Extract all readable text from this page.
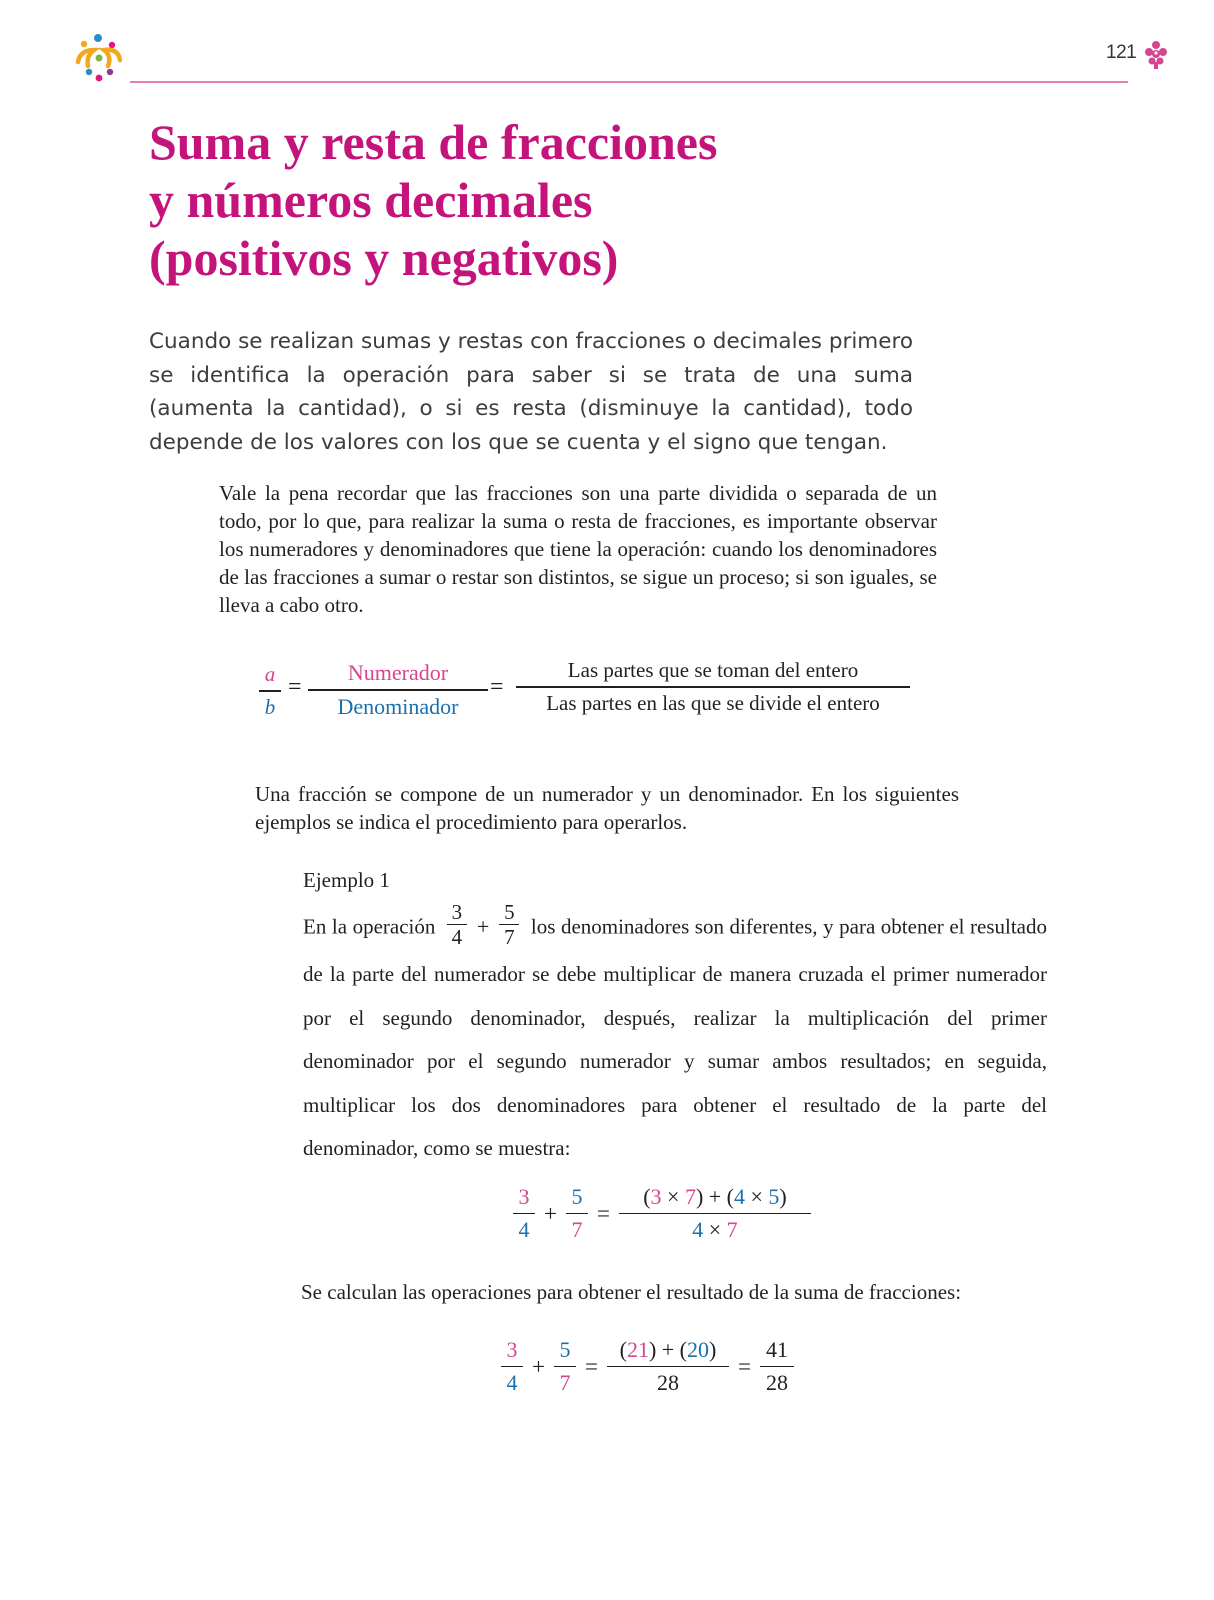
121
Suma y resta de fracciones
y números decimales
(positivos y negativos)
Cuando se realizan sumas y restas con fracciones o decimales primero se identifica la operación para saber si se trata de una suma (aumenta la cantidad), o si es resta (disminuye la cantidad), todo depende de los valores con los que se cuenta y el signo que tengan.
Vale la pena recordar que las fracciones son una parte dividida o separada de un todo, por lo que, para realizar la suma o resta de fracciones, es importante observar los numeradores y denominadores que tiene la operación: cuando los denominadores de las fracciones a sumar o restar son distintos, se sigue un proceso; si son iguales, se lleva a cabo otro.
a
b
=
Numerador
Denominador
=
Las partes que se toman del entero
Las partes en las que se divide el entero
Una fracción se compone de un numerador y un denominador. En los siguientes ejemplos se indica el procedimiento para operarlos.
Ejemplo 1
En la operación $\frac{3}{4} + \frac{5}{7}$ los denominadores son diferentes, y para obtener el resultado de la parte del numerador se debe multiplicar de manera cruzada el primer numerador por el segundo denominador, después, realizar la multiplicación del primer denominador por el segundo numerador y sumar ambos resultados; en seguida, multiplicar los dos denominadores para obtener el resultado de la parte del denominador, como se muestra:
3
4
+
5
7
=
(3 × 7) + (4 × 5)
4 × 7
Se calculan las operaciones para obtener el resultado de la suma de fracciones:
3
4
+
5
7
=
(21) + (20)
28
=
41
28
